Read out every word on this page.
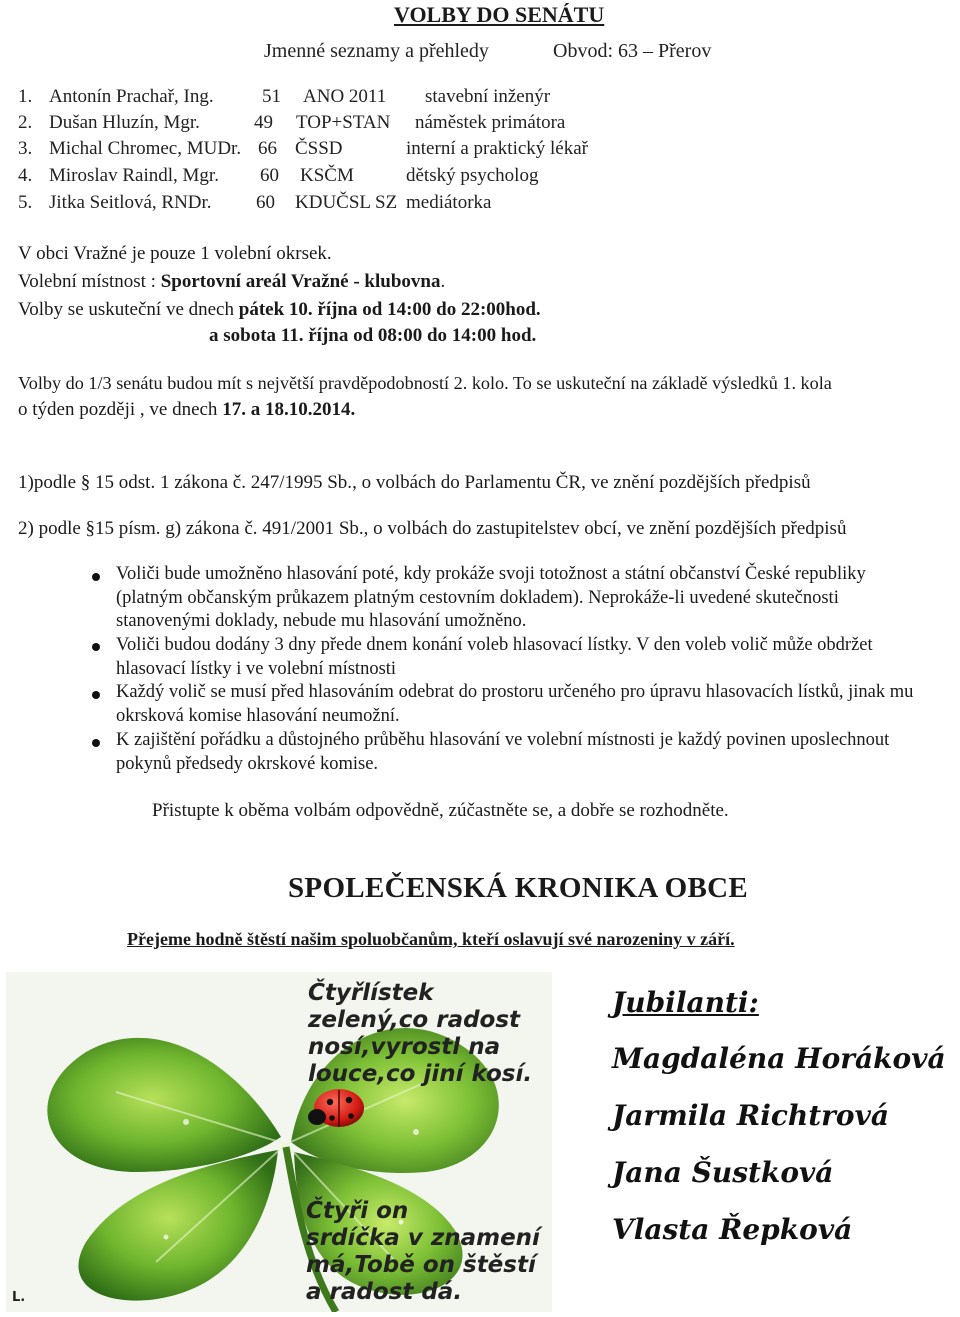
VOLBY DO SENÁTU
Jmenné seznamy a přehledy	Obvod: 63 – Přerov
1. Antonín Prachař, Ing.	51 ANO 2011 stavební inženýr
2. Dušan Hluzín, Mgr.	49 TOP+STAN náměstek primátora
3. Michal Chromec, MUDr. 66 ČSSD	interní a praktický lékař
4. Miroslav Raindl, Mgr. 60 KSČM	dětský psycholog
5. Jitka Seitlová, RNDr. 60 KDUČSL SZ mediátorka
V obci Vražné je pouze 1 volební okrsek.
Volební místnost : Sportovní areál Vražné - klubovna.
Volby se uskuteční ve dnech pátek 10. října od 14:00 do 22:00hod.
a sobota 11. října od 08:00 do 14:00 hod.
Volby do 1/3 senátu budou mít s největší pravděpodobností 2. kolo. To se uskuteční na základě výsledků 1. kola
o týden později , ve dnech 17. a 18.10.2014.
1)podle § 15 odst. 1 zákona č. 247/1995 Sb., o volbách do Parlamentu ČR, ve znění pozdějších předpisů
2) podle §15 písm. g) zákona č. 491/2001 Sb., o volbách do zastupitelstev obcí, ve znění pozdějších předpisů
Voliči bude umožněno hlasování poté, kdy prokáže svoji totožnost a státní občanství České republiky (platným občanským průkazem platným cestovním dokladem). Neprokáže-li uvedené skutečnosti stanovenými doklady, nebude mu hlasování umožněno.
Voliči budou dodány 3 dny přede dnem konání voleb hlasovací lístky. V den voleb volič může obdržet hlasovací lístky i ve volební místnosti
Každý volič se musí před hlasováním odebrat do prostoru určeného pro úpravu hlasovacích lístků, jinak mu okrsková komise hlasování neumožní.
K zajištění pořádku a důstojného průběhu hlasování ve volební místnosti je každý povinen uposlechnout pokynů předsedy okrskové komise.
Přistupte k oběma volbám odpovědně, zúčastněte se, a dobře se rozhodněte.
SPOLEČENSKÁ KRONIKA OBCE
Přejeme hodně štěstí našim spoluobčanům, kteří oslavují své narozeniny v září.
Čtyřlístek
zelený,co radost
nosí,vyrostl na
louce,co jiní kosí.
Čtyři on
srdíčka v znamení
má,Tobě on štěstí
a radost dá.
L.
Jubilanti:
Magdaléna Horáková
Jarmila Richtrová
Jana Šustková
Vlasta Řepková
